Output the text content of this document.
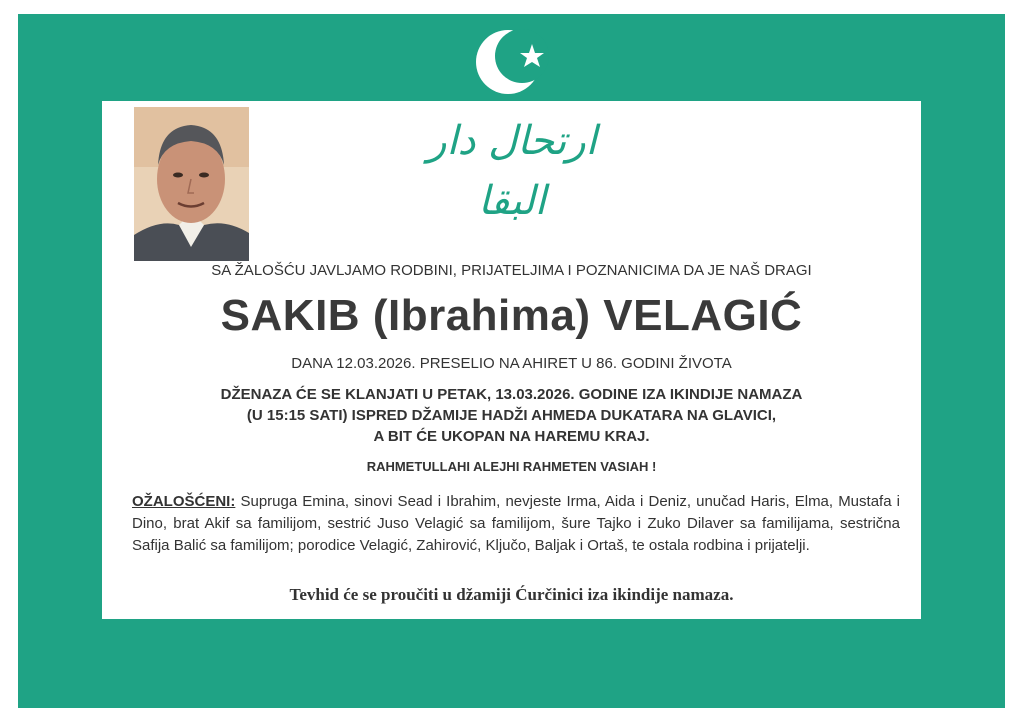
ارتحال دار البقا
SA ŽALOŠĆU JAVLJAMO RODBINI, PRIJATELJIMA I POZNANICIMA DA JE NAŠ DRAGI
SAKIB (Ibrahima) VELAGIĆ
DANA 12.03.2026. PRESELIO NA AHIRET U 86. GODINI ŽIVOTA
DŽENAZA ĆE SE KLANJATI U PETAK, 13.03.2026. GODINE IZA IKINDIJE NAMAZA
(U 15:15 SATI) ISPRED DŽAMIJE HADŽI AHMEDA DUKATARA NA GLAVICI,
A BIT ĆE UKOPAN NA HAREMU KRAJ.
RAHMETULLAHI ALEJHI RAHMETEN VASIAH !
OŽALOŠĆENI: Supruga Emina, sinovi Sead i Ibrahim, nevjeste Irma, Aida i Deniz, unučad Haris, Elma, Mustafa i Dino, brat Akif sa familijom, sestrić Juso Velagić sa familijom, šure Tajko i Zuko Dilaver sa familijama, sestrična Safija Balić sa familijom; porodice Velagić, Zahirović, Ključo, Baljak i Ortaš, te ostala rodbina i prijatelji.
Tevhid će se proučiti u džamiji Ćurčinici iza ikindije namaza.
